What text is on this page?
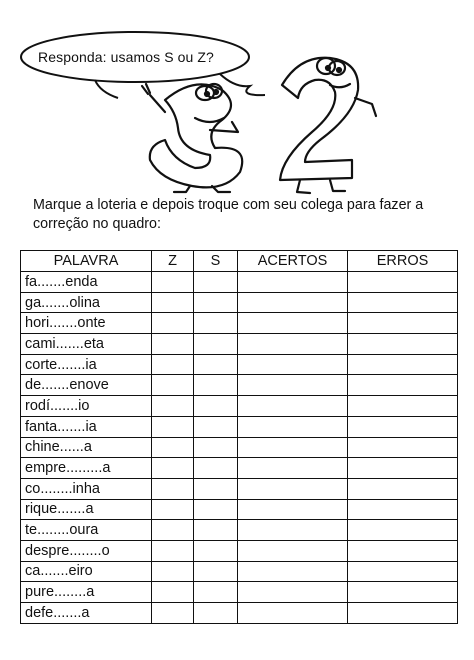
Responda: usamos S ou Z?
Marque a loteria e depois troque com seu colega para fazer a correção no quadro:
PALAVRA	Z	S	ACERTOS	ERROS
fa.......enda				
ga.......olina				
hori.......onte				
cami.......eta				
corte.......ia				
de.......enove				
rodí.......io				
fanta.......ia				
chine......a				
empre.........a				
co........inha				
rique.......a				
te........oura				
despre........o				
ca.......eiro				
pure........a				
defe.......a				
